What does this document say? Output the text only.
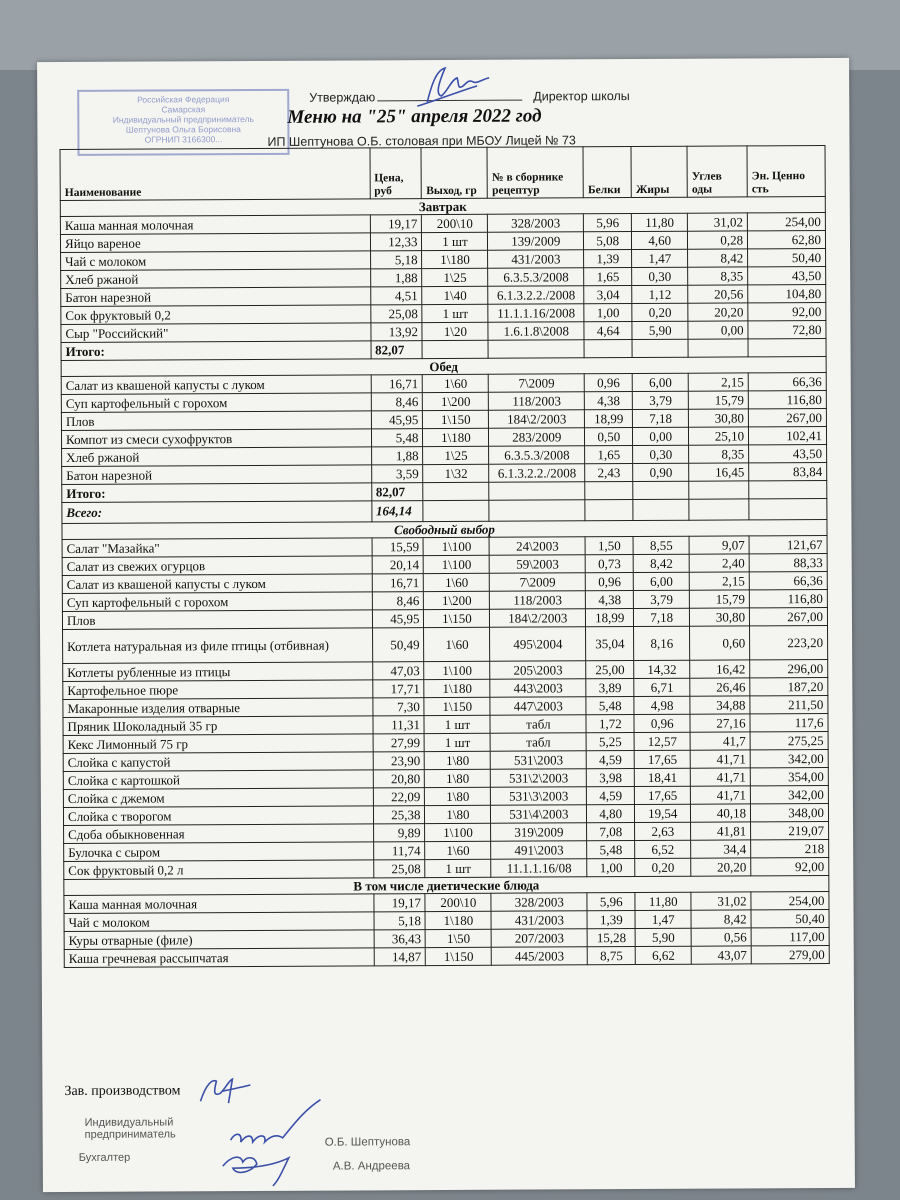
Российская Федерация
Самарская
Индивидуальный предприниматель
Шептунова Ольга Борисовна
ОГРНИП 3166300...
Утверждаю	Директор школы
Меню на "25" апреля 2022 год
ИП Шептунова О.Б. столовая при МБОУ Лицей № 73
Наименование	Цена, руб	Выход, гр	№ в сборнике рецептур	Белки	Жиры	Углев оды	Эн. Ценно сть
Завтрак							
Каша манная молочная	19,17	200\10	328/2003	5,96	11,80	31,02	254,00
Яйцо вареное	12,33	1 шт	139/2009	5,08	4,60	0,28	62,80
Чай с молоком	5,18	1\180	431/2003	1,39	1,47	8,42	50,40
Хлеб ржаной	1,88	1\25	6.3.5.3/2008	1,65	0,30	8,35	43,50
Батон нарезной	4,51	1\40	6.1.3.2.2./2008	3,04	1,12	20,56	104,80
Сок фруктовый 0,2	25,08	1 шт	11.1.1.16/2008	1,00	0,20	20,20	92,00
Сыр "Российский"	13,92	1\20	1.6.1.8\2008	4,64	5,90	0,00	72,80
Итого:	82,07						
Обед							
Салат из квашеной капусты с луком	16,71	1\60	7\2009	0,96	6,00	2,15	66,36
Суп картофельный с горохом	8,46	1\200	118/2003	4,38	3,79	15,79	116,80
Плов	45,95	1\150	184\2/2003	18,99	7,18	30,80	267,00
Компот из смеси сухофруктов	5,48	1\180	283/2009	0,50	0,00	25,10	102,41
Хлеб ржаной	1,88	1\25	6.3.5.3/2008	1,65	0,30	8,35	43,50
Батон нарезной	3,59	1\32	6.1.3.2.2./2008	2,43	0,90	16,45	83,84
Итого:	82,07						
Всего:	164,14						
Свободный выбор							
Салат "Мазайка"	15,59	1\100	24\2003	1,50	8,55	9,07	121,67
Салат из свежих огурцов	20,14	1\100	59\2003	0,73	8,42	2,40	88,33
Салат из квашеной капусты с луком	16,71	1\60	7\2009	0,96	6,00	2,15	66,36
Суп картофельный с горохом	8,46	1\200	118/2003	4,38	3,79	15,79	116,80
Плов	45,95	1\150	184\2/2003	18,99	7,18	30,80	267,00
Котлета натуральная из филе птицы (отбивная)	50,49	1\60	495\2004	35,04	8,16	0,60	223,20
Котлеты рубленные из птицы	47,03	1\100	205\2003	25,00	14,32	16,42	296,00
Картофельное пюре	17,71	1\180	443\2003	3,89	6,71	26,46	187,20
Макаронные изделия отварные	7,30	1\150	447\2003	5,48	4,98	34,88	211,50
Пряник Шоколадный 35 гр	11,31	1 шт	табл	1,72	0,96	27,16	117,6
Кекс Лимонный 75 гр	27,99	1 шт	табл	5,25	12,57	41,7	275,25
Слойка с капустой	23,90	1\80	531\2003	4,59	17,65	41,71	342,00
Слойка с картошкой	20,80	1\80	531\2\2003	3,98	18,41	41,71	354,00
Слойка с джемом	22,09	1\80	531\3\2003	4,59	17,65	41,71	342,00
Слойка с творогом	25,38	1\80	531\4\2003	4,80	19,54	40,18	348,00
Сдоба обыкновенная	9,89	1\100	319\2009	7,08	2,63	41,81	219,07
Булочка с сыром	11,74	1\60	491\2003	5,48	6,52	34,4	218
Сок фруктовый 0,2 л	25,08	1 шт	11.1.1.16/08	1,00	0,20	20,20	92,00
В том числе диетические блюда							
Каша манная молочная	19,17	200\10	328/2003	5,96	11,80	31,02	254,00
Чай с молоком	5,18	1\180	431/2003	1,39	1,47	8,42	50,40
Куры отварные (филе)	36,43	1\50	207/2003	15,28	5,90	0,56	117,00
Каша гречневая рассыпчатая	14,87	1\150	445/2003	8,75	6,62	43,07	279,00
Зав. производством
Индивидуальный
предприниматель
Бухгалтер
О.Б. Шептунова
А.В. Андреева
